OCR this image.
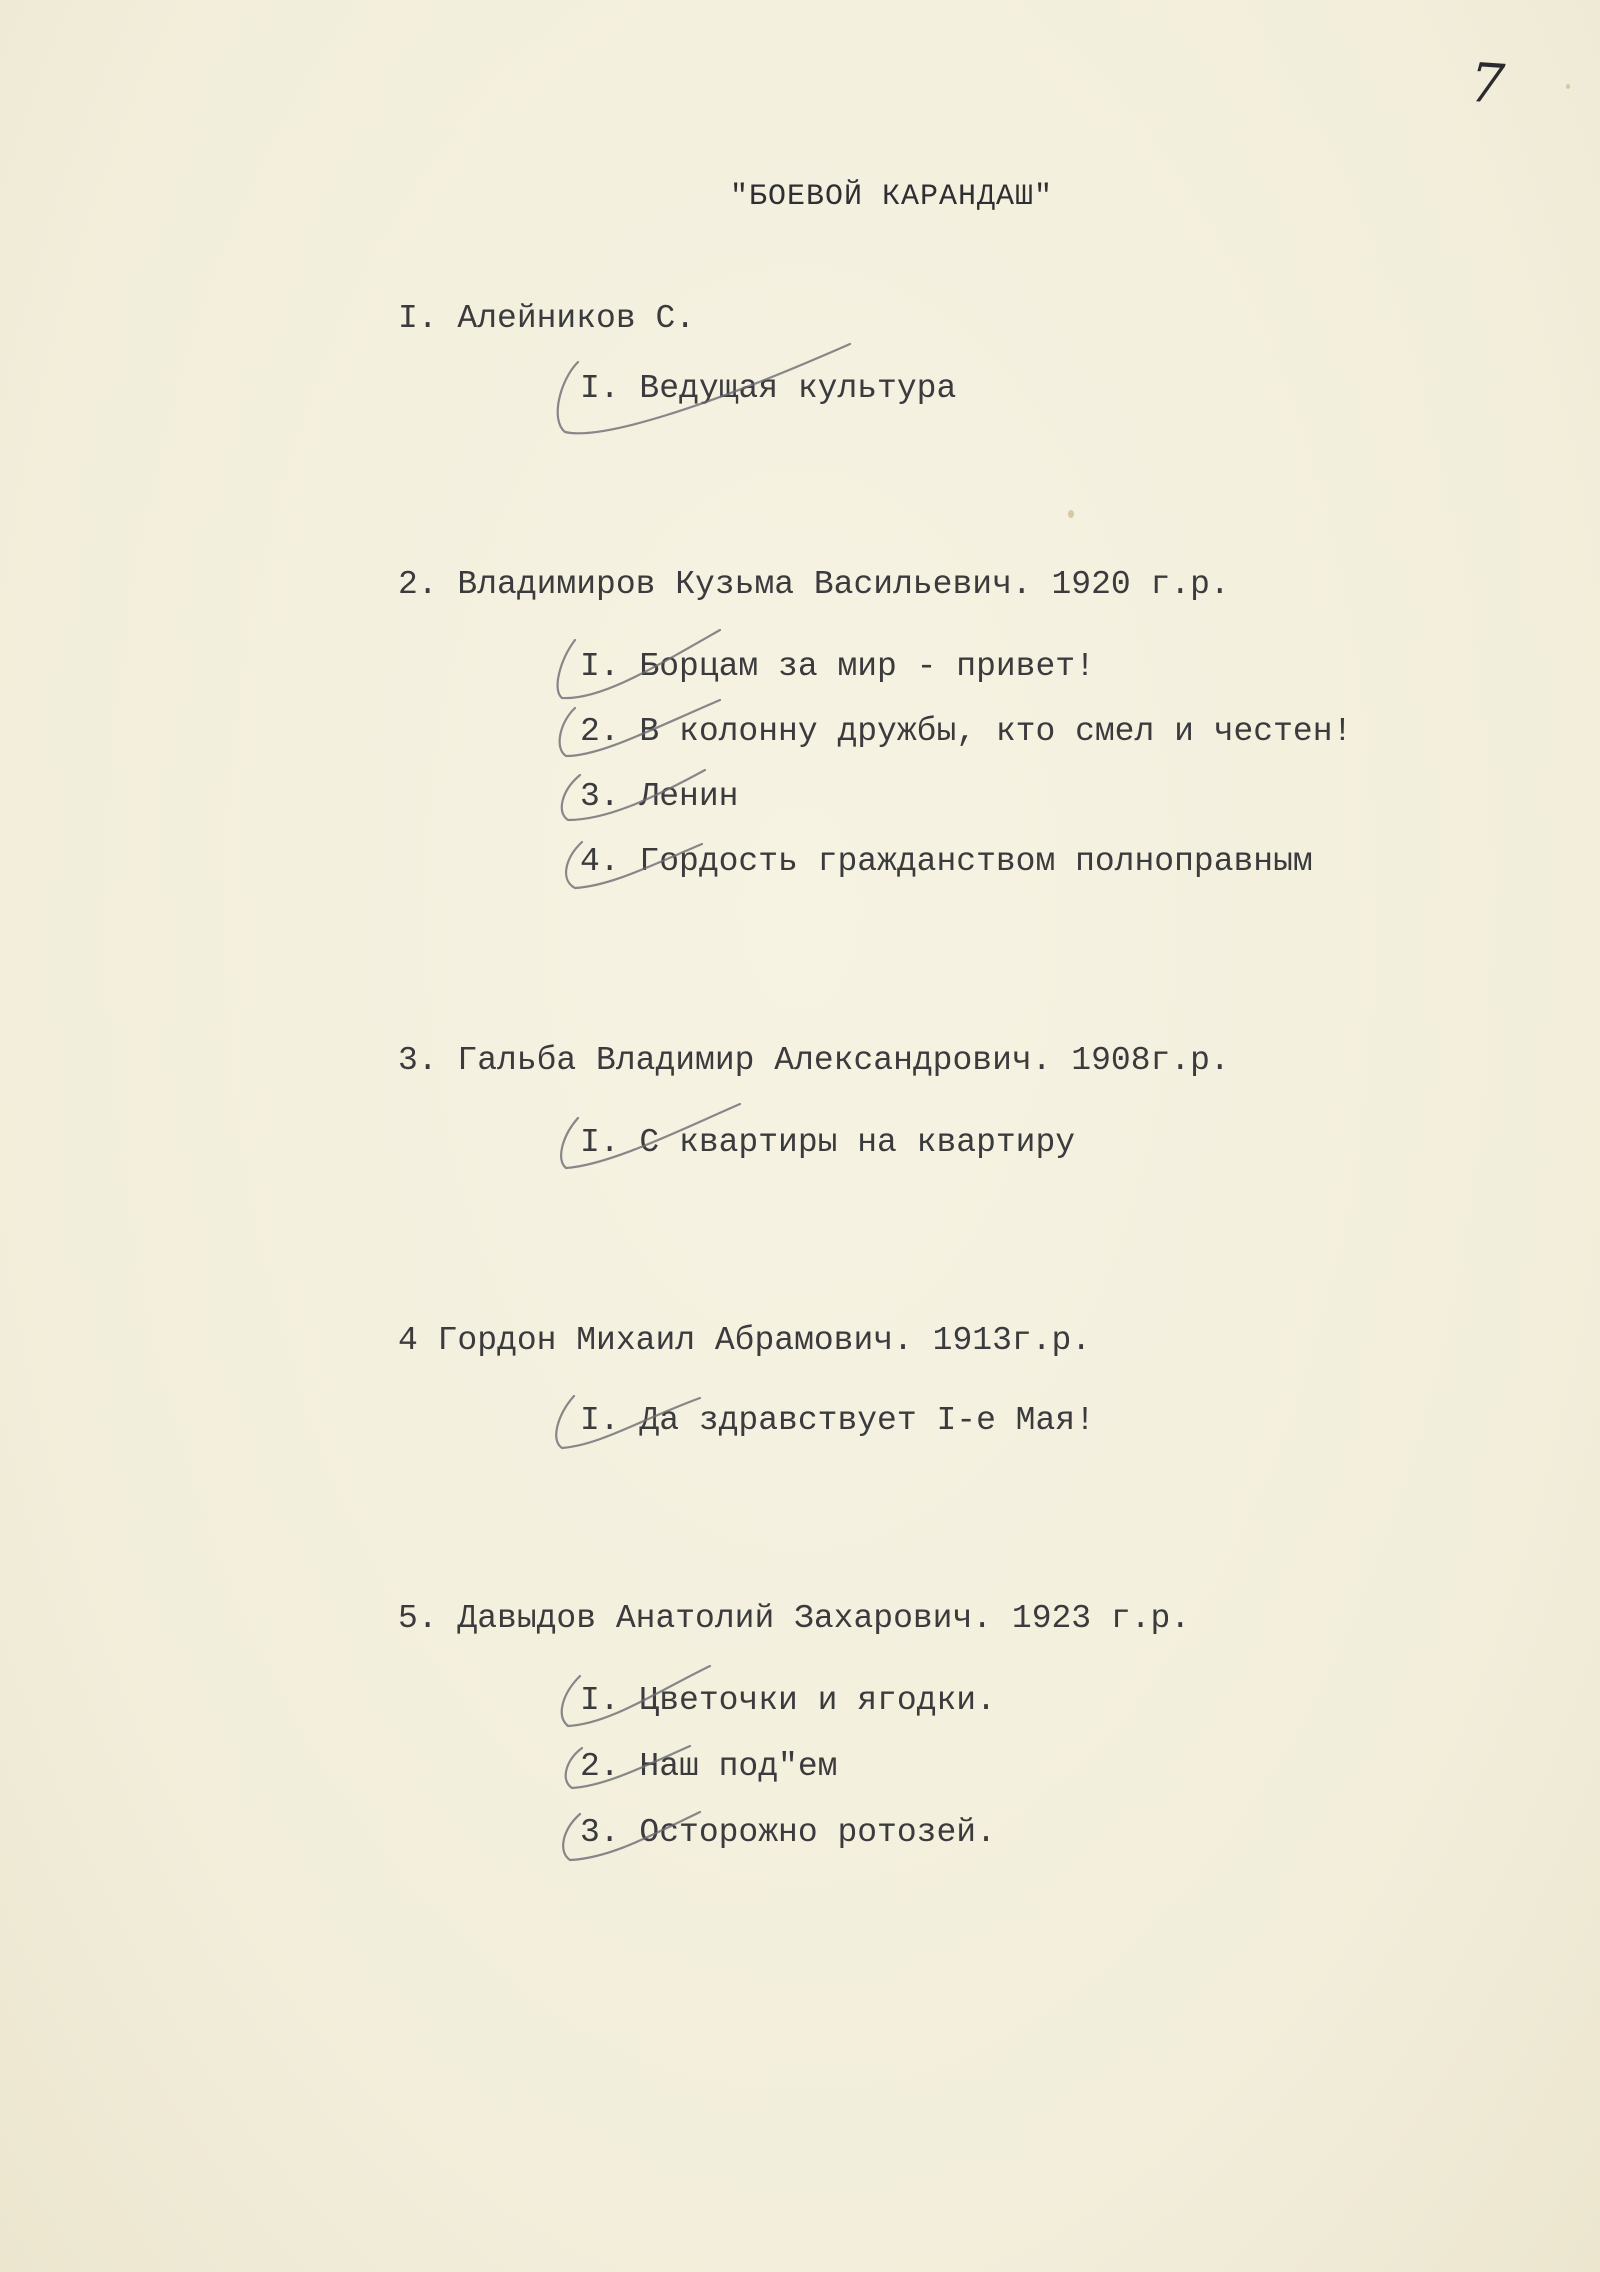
7
"БОЕВОЙ КАРАНДАШ"
I. Алейников С.
I. Ведущая культура
2. Владимиров Кузьма Васильевич. 1920 г.р.
I. Борцам за мир - привет!
2. В колонну дружбы, кто смел и честен!
3. Ленин
4. Гордость гражданством полноправным
3. Гальба Владимир Александрович. 1908г.р.
I. С квартиры на квартиру
4 Гордон Михаил Абрамович. 1913г.р.
I. Да здравствует I-е Мая!
5. Давыдов Анатолий Захарович. 1923 г.р.
I. Цветочки и ягодки.
2. Наш под"ем
3. Осторожно ротозей.
